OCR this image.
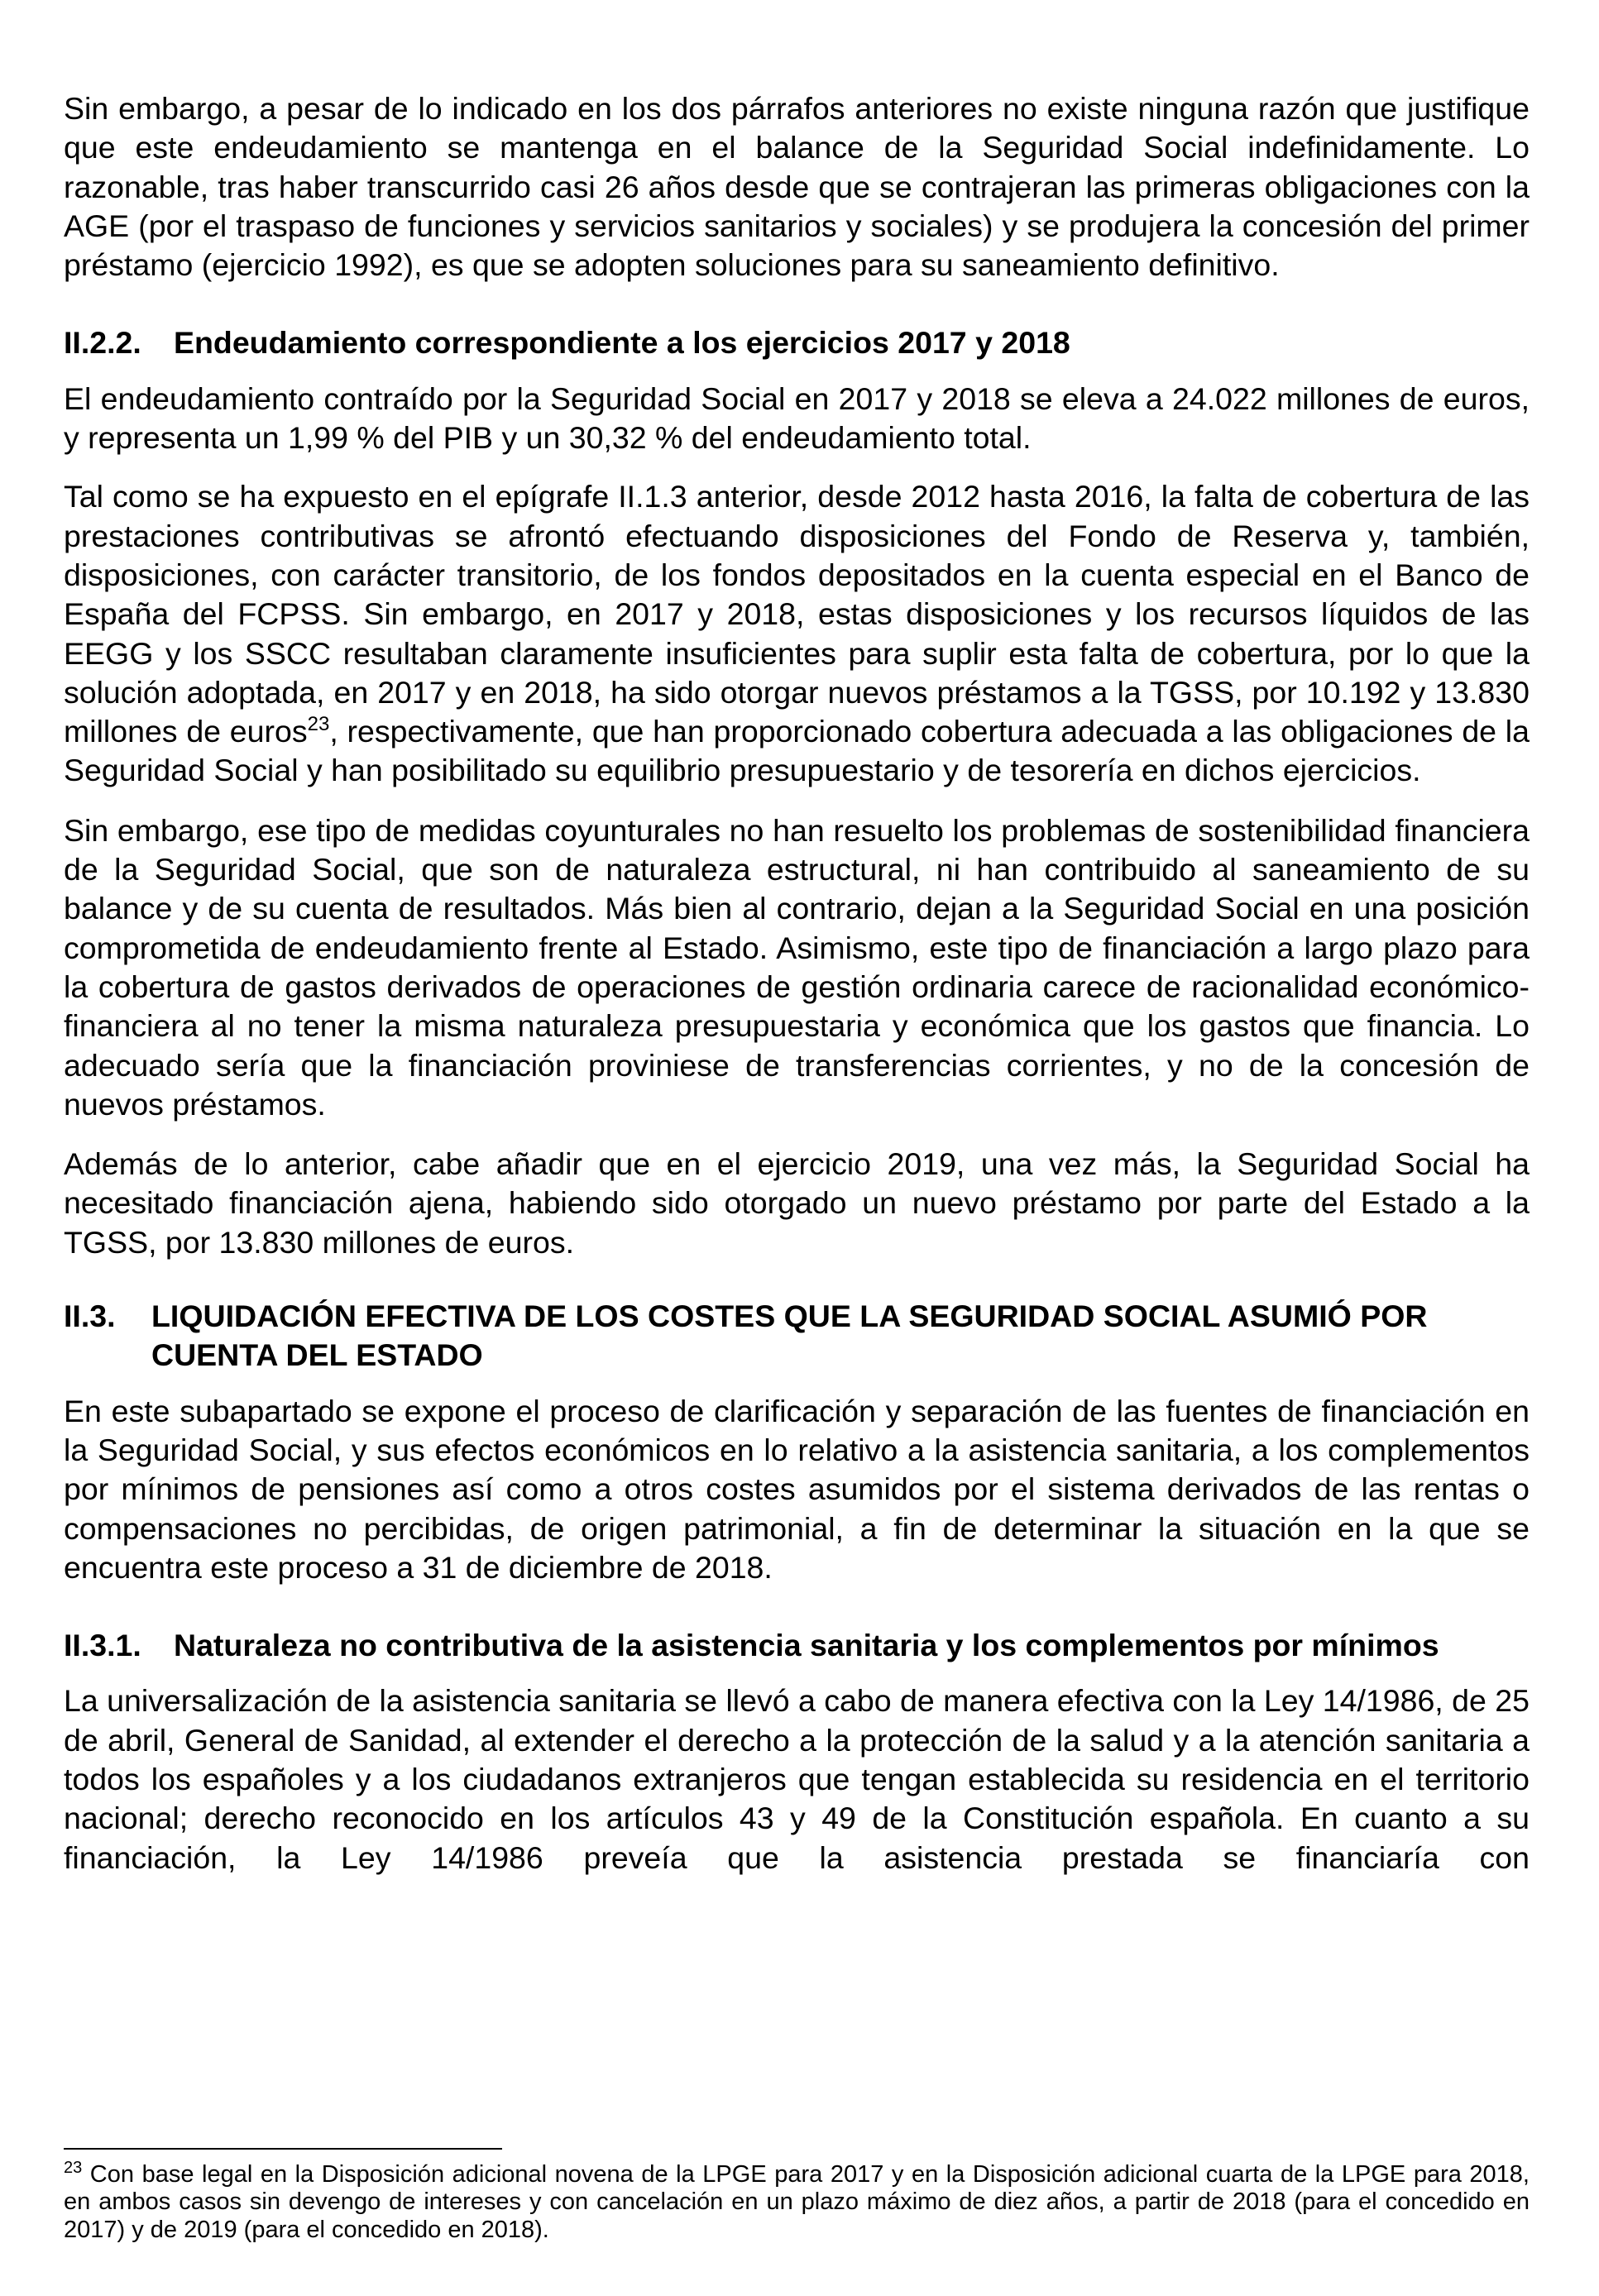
Sin embargo, a pesar de lo indicado en los dos párrafos anteriores no existe ninguna razón que justifique que este endeudamiento se mantenga en el balance de la Seguridad Social indefinidamente. Lo razonable, tras haber transcurrido casi 26 años desde que se contrajeran las primeras obligaciones con la AGE (por el traspaso de funciones y servicios sanitarios y sociales) y se produjera la concesión del primer préstamo (ejercicio 1992), es que se adopten soluciones para su saneamiento definitivo.

II.2.2.	Endeudamiento correspondiente a los ejercicios 2017 y 2018

El endeudamiento contraído por la Seguridad Social en 2017 y 2018 se eleva a 24.022 millones de euros, y representa un 1,99 % del PIB y un 30,32 % del endeudamiento total.

Tal como se ha expuesto en el epígrafe II.1.3 anterior, desde 2012 hasta 2016, la falta de cobertura de las prestaciones contributivas se afrontó efectuando disposiciones del Fondo de Reserva y, también, disposiciones, con carácter transitorio, de los fondos depositados en la cuenta especial en el Banco de España del FCPSS. Sin embargo, en 2017 y 2018, estas disposiciones y los recursos líquidos de las EEGG y los SSCC resultaban claramente insuficientes para suplir esta falta de cobertura, por lo que la solución adoptada, en 2017 y en 2018, ha sido otorgar nuevos préstamos a la TGSS, por 10.192 y 13.830 millones de euros$^{23}$, respectivamente, que han proporcionado cobertura adecuada a las obligaciones de la Seguridad Social y han posibilitado su equilibrio presupuestario y de tesorería en dichos ejercicios.

Sin embargo, ese tipo de medidas coyunturales no han resuelto los problemas de sostenibilidad financiera de la Seguridad Social, que son de naturaleza estructural, ni han contribuido al saneamiento de su balance y de su cuenta de resultados. Más bien al contrario, dejan a la Seguridad Social en una posición comprometida de endeudamiento frente al Estado. Asimismo, este tipo de financiación a largo plazo para la cobertura de gastos derivados de operaciones de gestión ordinaria carece de racionalidad económico-financiera al no tener la misma naturaleza presupuestaria y económica que los gastos que financia. Lo adecuado sería que la financiación proviniese de transferencias corrientes, y no de la concesión de nuevos préstamos.

Además de lo anterior, cabe añadir que en el ejercicio 2019, una vez más, la Seguridad Social ha necesitado financiación ajena, habiendo sido otorgado un nuevo préstamo por parte del Estado a la TGSS, por 13.830 millones de euros.

II.3.	LIQUIDACIÓN EFECTIVA DE LOS COSTES QUE LA SEGURIDAD SOCIAL ASUMIÓ POR CUENTA DEL ESTADO

En este subapartado se expone el proceso de clarificación y separación de las fuentes de financiación en la Seguridad Social, y sus efectos económicos en lo relativo a la asistencia sanitaria, a los complementos por mínimos de pensiones así como a otros costes asumidos por el sistema derivados de las rentas o compensaciones no percibidas, de origen patrimonial, a fin de determinar la situación en la que se encuentra este proceso a 31 de diciembre de 2018.

II.3.1.	Naturaleza no contributiva de la asistencia sanitaria y los complementos por mínimos

La universalización de la asistencia sanitaria se llevó a cabo de manera efectiva con la Ley 14/1986, de 25 de abril, General de Sanidad, al extender el derecho a la protección de la salud y a la atención sanitaria a todos los españoles y a los ciudadanos extranjeros que tengan establecida su residencia en el territorio nacional; derecho reconocido en los artículos 43 y 49 de la Constitución española. En cuanto a su financiación, la Ley 14/1986 preveía que la asistencia prestada se financiaría con

$^{23}$ Con base legal en la Disposición adicional novena de la LPGE para 2017 y en la Disposición adicional cuarta de la LPGE para 2018, en ambos casos sin devengo de intereses y con cancelación en un plazo máximo de diez años, a partir de 2018 (para el concedido en 2017) y de 2019 (para el concedido en 2018).
